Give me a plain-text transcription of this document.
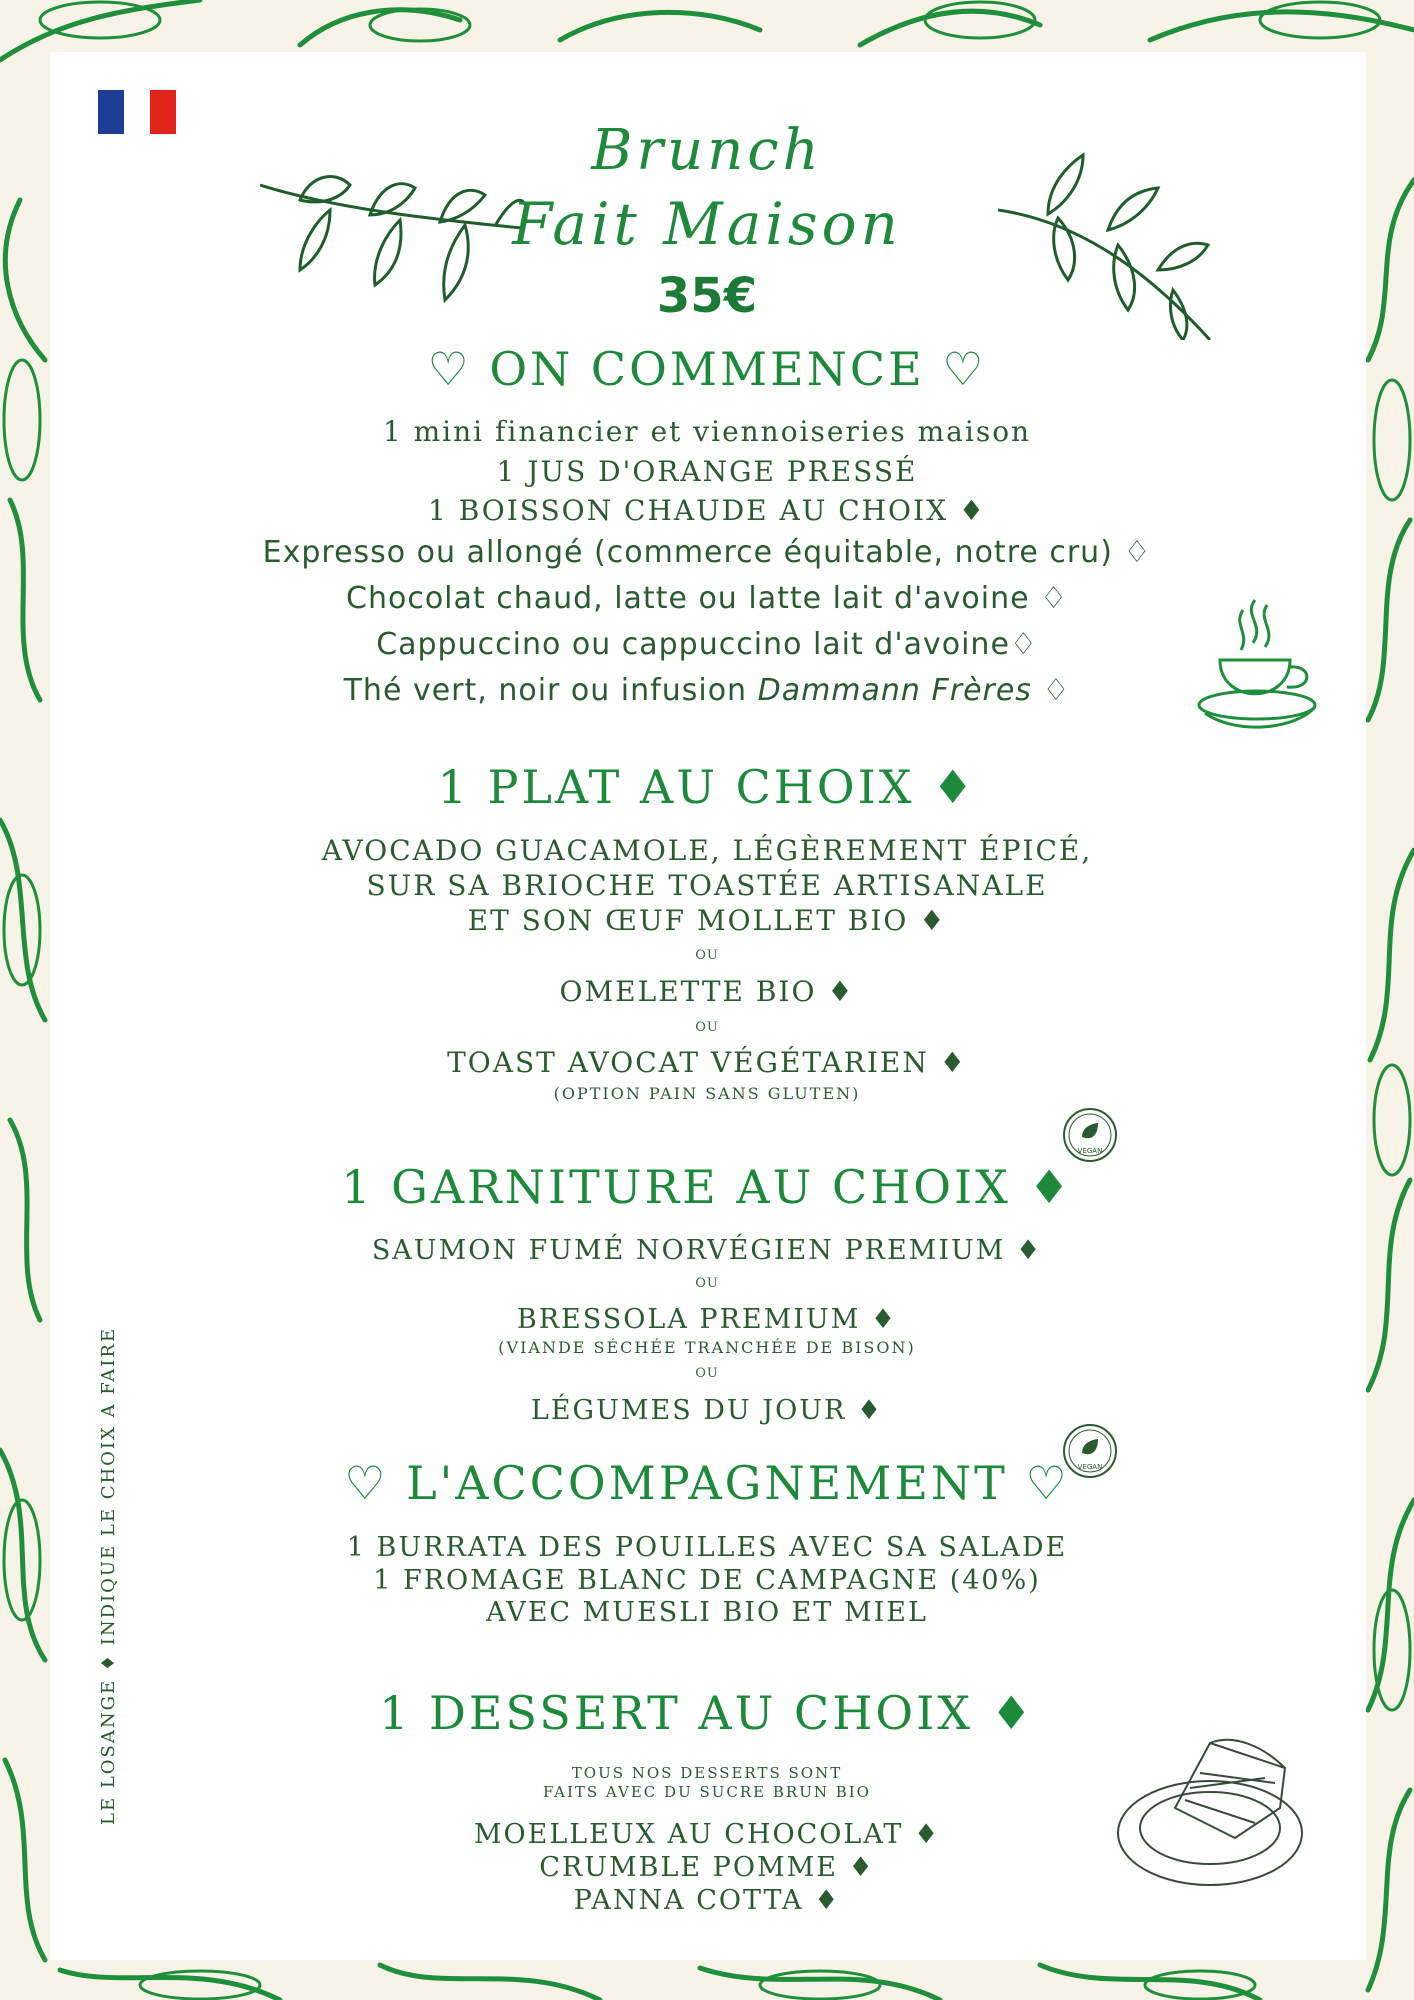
Brunch
Fait Maison
35€
♡ ON COMMENCE ♡
1 mini financier et viennoiseries maison
1 JUS D'ORANGE PRESSÉ
1 BOISSON CHAUDE AU CHOIX ♦
Expresso ou allongé (commerce équitable, notre cru) ♢
Chocolat chaud, latte ou latte lait d'avoine ♢
Cappuccino ou cappuccino lait d'avoine♢
Thé vert, noir ou infusion Dammann Frères ♢
1 PLAT AU CHOIX ♦
AVOCADO GUACAMOLE, LÉGÈREMENT ÉPICÉ,
SUR SA BRIOCHE TOASTÉE ARTISANALE
ET SON ŒUF MOLLET BIO ♦
OU
OMELETTE BIO ♦
OU
TOAST AVOCAT VÉGÉTARIEN ♦
(OPTION PAIN SANS GLUTEN)
VEGAN
1 GARNITURE AU CHOIX ♦
SAUMON FUMÉ NORVÉGIEN PREMIUM ♦
OU
BRESSOLA PREMIUM ♦
(VIANDE SÉCHÉE TRANCHÉE DE BISON)
OU
LÉGUMES DU JOUR ♦
VEGAN
♡ L'ACCOMPAGNEMENT ♡
1 BURRATA DES POUILLES AVEC SA SALADE
1 FROMAGE BLANC DE CAMPAGNE (40%)
AVEC MUESLI BIO ET MIEL
1 DESSERT AU CHOIX ♦
TOUS NOS DESSERTS SONT
FAITS AVEC DU SUCRE BRUN BIO
MOELLEUX AU CHOCOLAT ♦
CRUMBLE POMME ♦
PANNA COTTA ♦
LE LOSANGE ♦ INDIQUE LE CHOIX A FAIRE
